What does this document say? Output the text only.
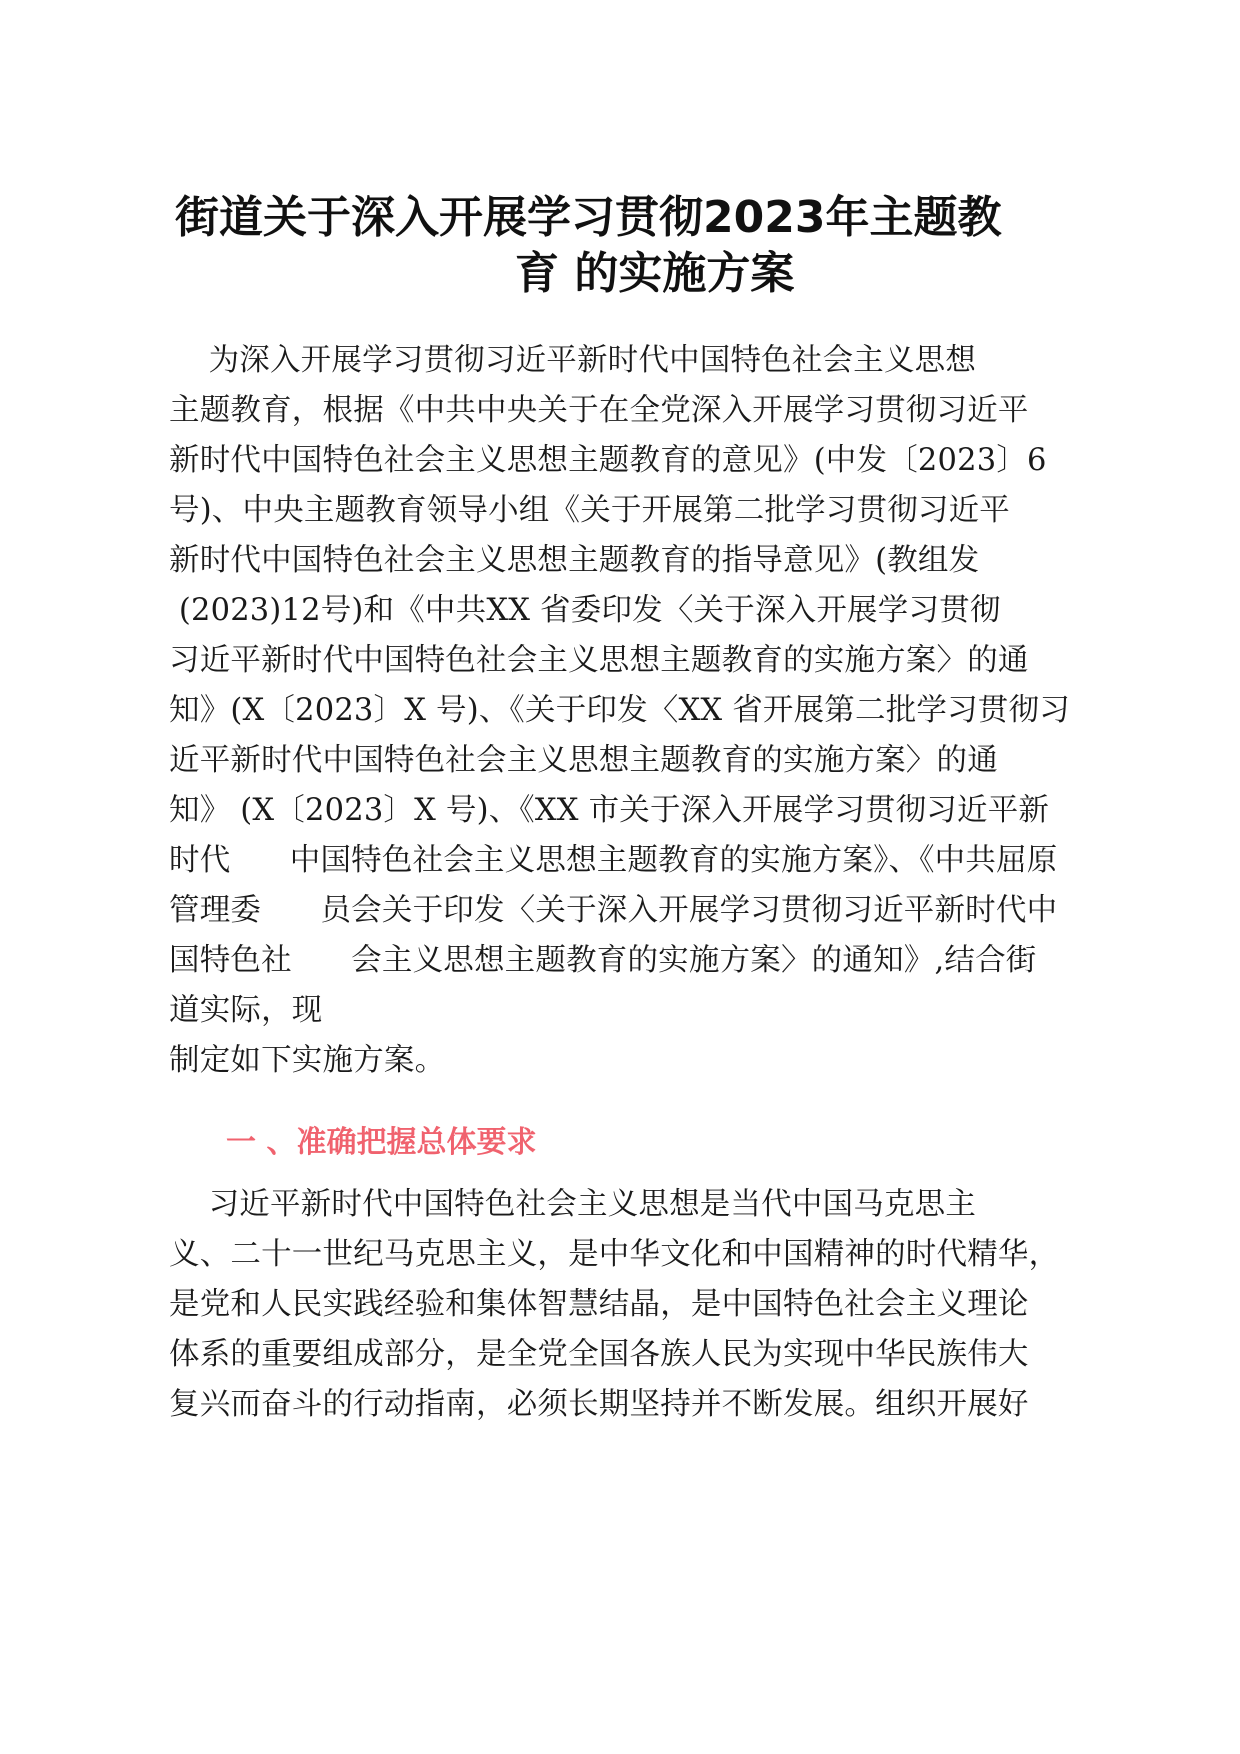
街道关于深入开展学习贯彻2023年主题教
育 的实施方案
为深入开展学习贯彻习近平新时代中国特色社会主义思想
主题教育，根据《中共中央关于在全党深入开展学习贯彻习近平
新时代中国特色社会主义思想主题教育的意见》(中发〔2023〕6
号)、中央主题教育领导小组《关于开展第二批学习贯彻习近平
新时代中国特色社会主义思想主题教育的指导意见》(教组发
(2023)12号)和《中共XX 省委印发〈关于深入开展学习贯彻
习近平新时代中国特色社会主义思想主题教育的实施方案〉的通
知》(X〔2023〕X 号)、《关于印发〈XX 省开展第二批学习贯彻习
近平新时代中国特色社会主义思想主题教育的实施方案〉的通
知》 (X〔2023〕X 号)、《XX 市关于深入开展学习贯彻习近平新
时代      中国特色社会主义思想主题教育的实施方案》、《中共屈原
管理委      员会关于印发〈关于深入开展学习贯彻习近平新时代中
国特色社      会主义思想主题教育的实施方案〉的通知》,结合街
道实际，现
制定如下实施方案。
一 、准确把握总体要求
习近平新时代中国特色社会主义思想是当代中国马克思主
义、二十一世纪马克思主义，是中华文化和中国精神的时代精华，
是党和人民实践经验和集体智慧结晶，是中国特色社会主义理论
体系的重要组成部分，是全党全国各族人民为实现中华民族伟大
复兴而奋斗的行动指南，必须长期坚持并不断发展。组织开展好
